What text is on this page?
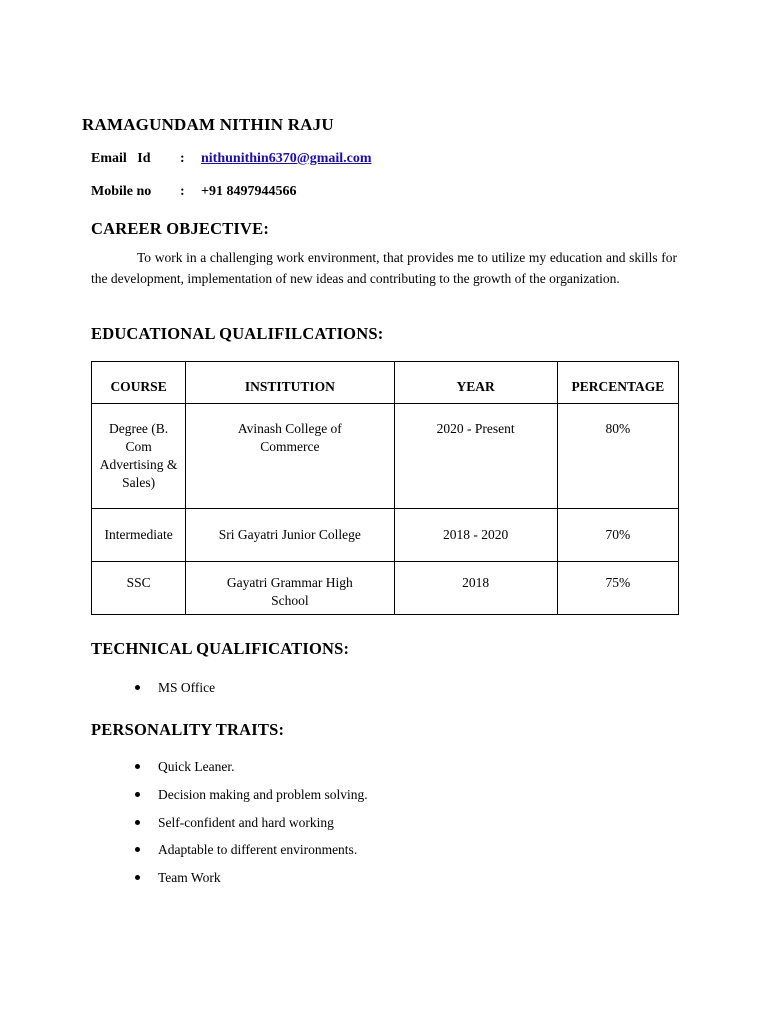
RAMAGUNDAM NITHIN RAJU
Email   Id : nithunithin6370@gmail.com
Mobile no : +91 8497944566
CAREER OBJECTIVE:
To work in a challenging work environment, that provides me to utilize my education and skills for the development, implementation of new ideas and contributing to the growth of the organization.
EDUCATIONAL QUALIFILCATIONS:
COURSE	INSTITUTION	YEAR	PERCENTAGE
Degree (B. Com Advertising & Sales)	Avinash College of Commerce	2020 - Present	80%
Intermediate	Sri Gayatri Junior College	2018 - 2020	70%
SSC	Gayatri Grammar High School	2018	75%
TECHNICAL QUALIFICATIONS:
MS Office
PERSONALITY TRAITS:
Quick Leaner.
Decision making and problem solving.
Self-confident and hard working
Adaptable to different environments.
Team Work
